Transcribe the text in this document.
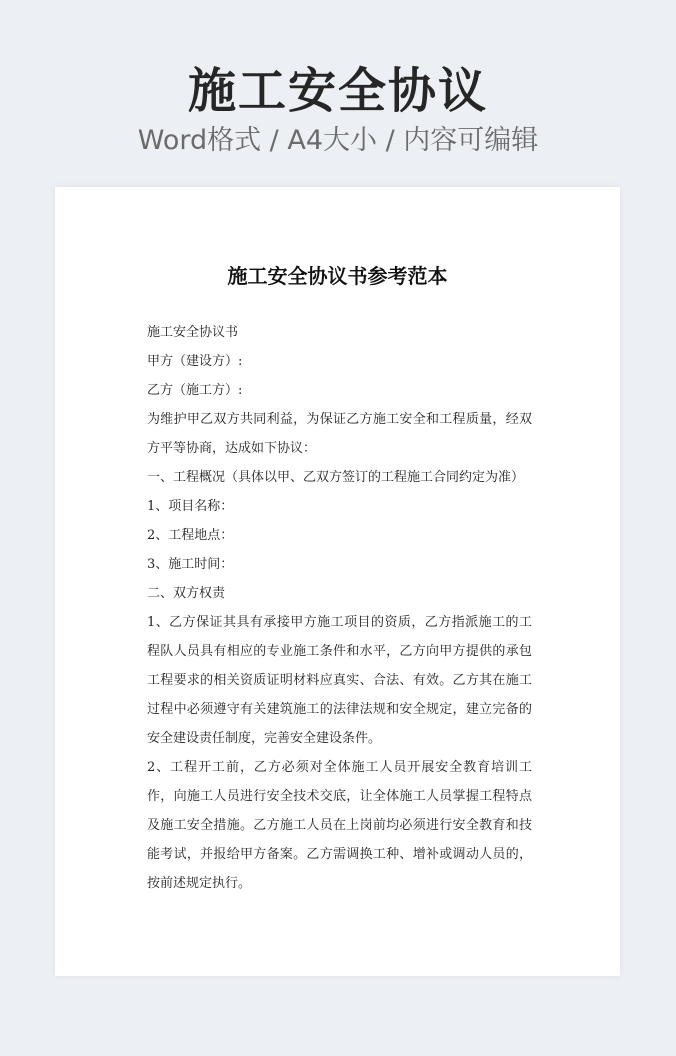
施工安全协议
Word格式 / A4大小 / 内容可编辑
施工安全协议书参考范本

施工安全协议书

甲方（建设方）:

乙方（施工方）:

为维护甲乙双方共同利益，为保证乙方施工安全和工程质量，经双方平等协商，达成如下协议：

一、工程概况（具体以甲、乙双方签订的工程施工合同约定为准）

1、项目名称：

2、工程地点：

3、施工时间：

二、双方权责

1、乙方保证其具有承接甲方施工项目的资质，乙方指派施工的工程队人员具有相应的专业施工条件和水平，乙方向甲方提供的承包工程要求的相关资质证明材料应真实、合法、有效。乙方其在施工过程中必须遵守有关建筑施工的法律法规和安全规定，建立完备的安全建设责任制度，完善安全建设条件。

2、工程开工前，乙方必须对全体施工人员开展安全教育培训工作，向施工人员进行安全技术交底，让全体施工人员掌握工程特点及施工安全措施。乙方施工人员在上岗前均必须进行安全教育和技能考试，并报给甲方备案。乙方需调换工种、增补或调动人员的，按前述规定执行。
